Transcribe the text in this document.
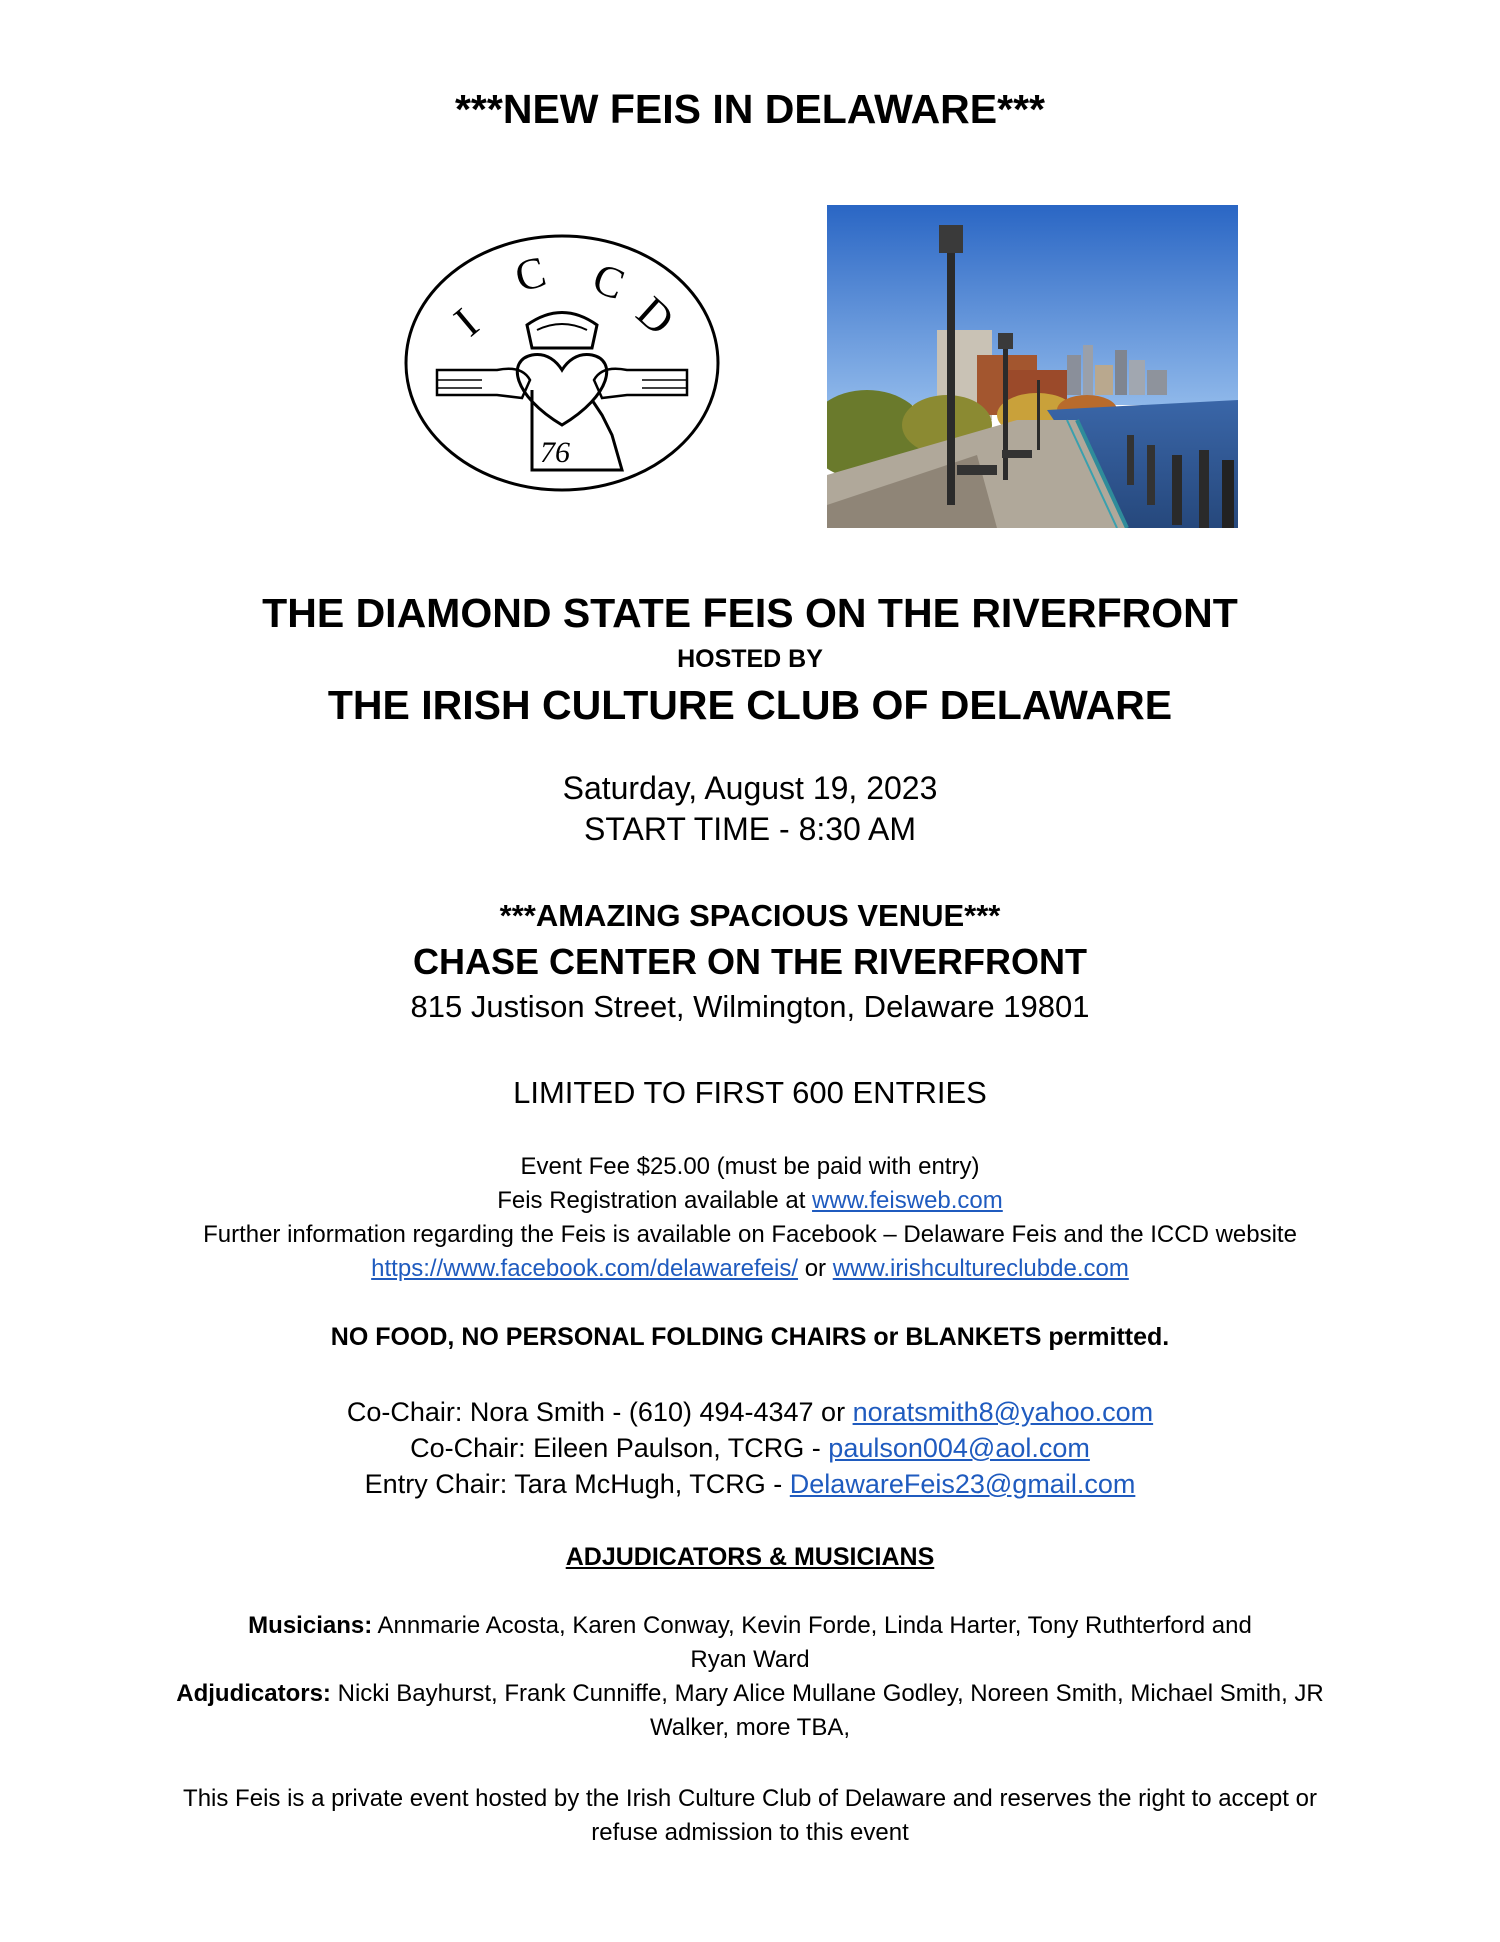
***NEW FEIS IN DELAWARE***
I
C C
D
76
THE DIAMOND STATE FEIS ON THE RIVERFRONT
HOSTED BY
THE IRISH CULTURE CLUB OF DELAWARE
Saturday, August 19, 2023
START TIME - 8:30 AM
***AMAZING SPACIOUS VENUE***
CHASE CENTER ON THE RIVERFRONT
815 Justison Street, Wilmington, Delaware 19801
LIMITED TO FIRST 600 ENTRIES
Event Fee $25.00 (must be paid with entry)
Feis Registration available at www.feisweb.com
Further information regarding the Feis is available on Facebook – Delaware Feis and the ICCD website
https://www.facebook.com/delawarefeis/ or www.irishcultureclubde.com
NO FOOD, NO PERSONAL FOLDING CHAIRS or BLANKETS permitted.
Co-Chair: Nora Smith - (610) 494-4347 or noratsmith8@yahoo.com
Co-Chair: Eileen Paulson, TCRG - paulson004@aol.com
Entry Chair: Tara McHugh, TCRG - DelawareFeis23@gmail.com
ADJUDICATORS & MUSICIANS
Musicians: Annmarie Acosta, Karen Conway, Kevin Forde, Linda Harter, Tony Ruthterford and
Ryan Ward
Adjudicators: Nicki Bayhurst, Frank Cunniffe, Mary Alice Mullane Godley, Noreen Smith, Michael Smith, JR
Walker, more TBA,
This Feis is a private event hosted by the Irish Culture Club of Delaware and reserves the right to accept or
refuse admission to this event
